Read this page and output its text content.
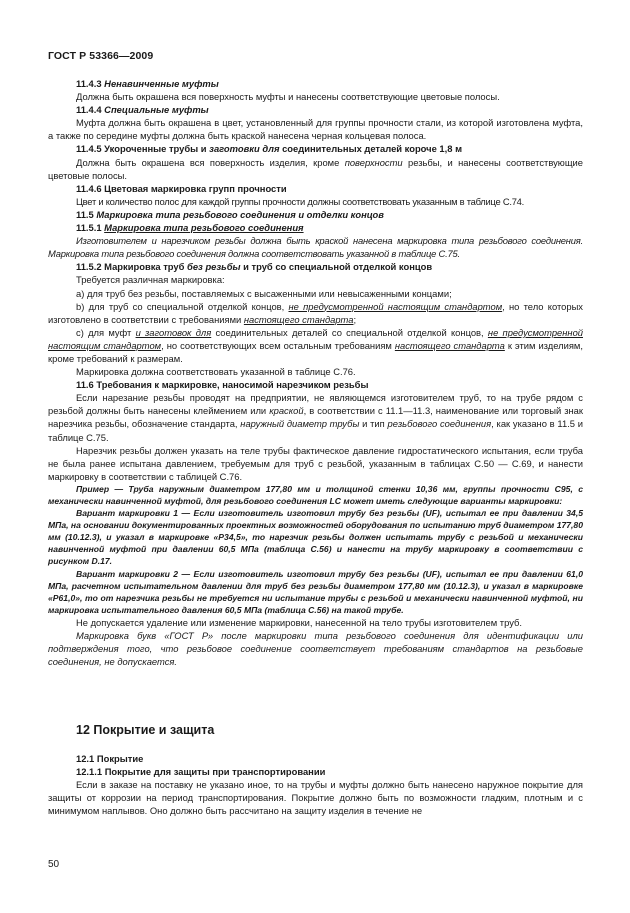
ГОСТ Р 53366—2009

11.4.3 Ненавинченные муфты

Должна быть окрашена вся поверхность муфты и нанесены соответствующие цветовые полосы.

11.4.4 Специальные муфты

Муфта должна быть окрашена в цвет, установленный для группы прочности стали, из которой изготовлена муфта, а также по середине муфты должна быть краской нанесена черная кольцевая полоса.

11.4.5 Укороченные трубы и заготовки для соединительных деталей короче 1,8 м

Должна быть окрашена вся поверхность изделия, кроме поверхности резьбы, и нанесены соответствующие цветовые полосы.

11.4.6 Цветовая маркировка групп прочности

Цвет и количество полос для каждой группы прочности должны соответствовать указанным в таблице С.74.

11.5 Маркировка типа резьбового соединения и отделки концов

11.5.1 Маркировка типа резьбового соединения

Изготовителем и нарезчиком резьбы должна быть краской нанесена маркировка типа резьбового соединения. Маркировка типа резьбового соединения должна соответствовать указанной в таблице С.75.

11.5.2 Маркировка труб без резьбы и труб со специальной отделкой концов

Требуется различная маркировка:

а) для труб без резьбы, поставляемых с высаженными или невысаженными концами;

b) для труб со специальной отделкой концов, не предусмотренной настоящим стандартом, но тело которых изготовлено в соответствии с требованиями настоящего стандарта;

c) для муфт и заготовок для соединительных деталей со специальной отделкой концов, не предусмотренной настоящим стандартом, но соответствующих всем остальным требованиям настоящего стандарта к этим изделиям, кроме требований к размерам.

Маркировка должна соответствовать указанной в таблице С.76.

11.6 Требования к маркировке, наносимой нарезчиком резьбы

Если нарезание резьбы проводят на предприятии, не являющемся изготовителем труб, то на трубе рядом с резьбой должны быть нанесены клеймением или краской, в соответствии с 11.1—11.3, наименование или торговый знак нарезчика резьбы, обозначение стандарта, наружный диаметр трубы и тип резьбового соединения, как указано в 11.5 и таблице С.75.

Нарезчик резьбы должен указать на теле трубы фактическое давление гидростатического испытания, если труба не была ранее испытана давлением, требуемым для труб с резьбой, указанным в таблицах С.50 — С.69, и нанести маркировку в соответствии с таблицей С.76.

Пример — Труба наружным диаметром 177,80 мм и толщиной стенки 10,36 мм, группы прочности С95, с механически навинченной муфтой, для резьбового соединения LC может иметь следующие варианты маркировки:

Вариант маркировки 1 — Если изготовитель изготовил трубу без резьбы (UF), испытал ее при давлении 34,5 МПа, на основании документированных проектных возможностей оборудования по испытанию труб диаметром 177,80 мм (10.12.3), и указал в маркировке «Р34,5», то нарезчик резьбы должен испытать трубу с резьбой и механически навинченной муфтой при давлении 60,5 МПа (таблица С.56) и нанести на трубу маркировку в соответствии с рисунком D.17.

Вариант маркировки 2 — Если изготовитель изготовил трубу без резьбы (UF), испытал ее при давлении 61,0 МПа, расчетном испытательном давлении для труб без резьбы диаметром 177,80 мм (10.12.3), и указал в маркировке «Р61,0», то от нарезчика резьбы не требуется ни испытание трубы с резьбой и механически навинченной муфтой, ни маркировка испытательного давления 60,5 МПа (таблица С.56) на такой трубе.

Не допускается удаление или изменение маркировки, нанесенной на тело трубы изготовителем труб.

Маркировка букв «ГОСТ Р» после маркировки типа резьбового соединения для идентификации или подтверждения того, что резьбовое соединение соответствует требованиям стандартов на резьбовые соединения, не допускается.

12 Покрытие и защита

12.1 Покрытие

12.1.1 Покрытие для защиты при транспортировании

Если в заказе на поставку не указано иное, то на трубы и муфты должно быть нанесено наружное покрытие для защиты от коррозии на период транспортирования. Покрытие должно быть по возможности гладким, плотным и с минимумом наплывов. Оно должно быть рассчитано на защиту изделия в течение не

50
